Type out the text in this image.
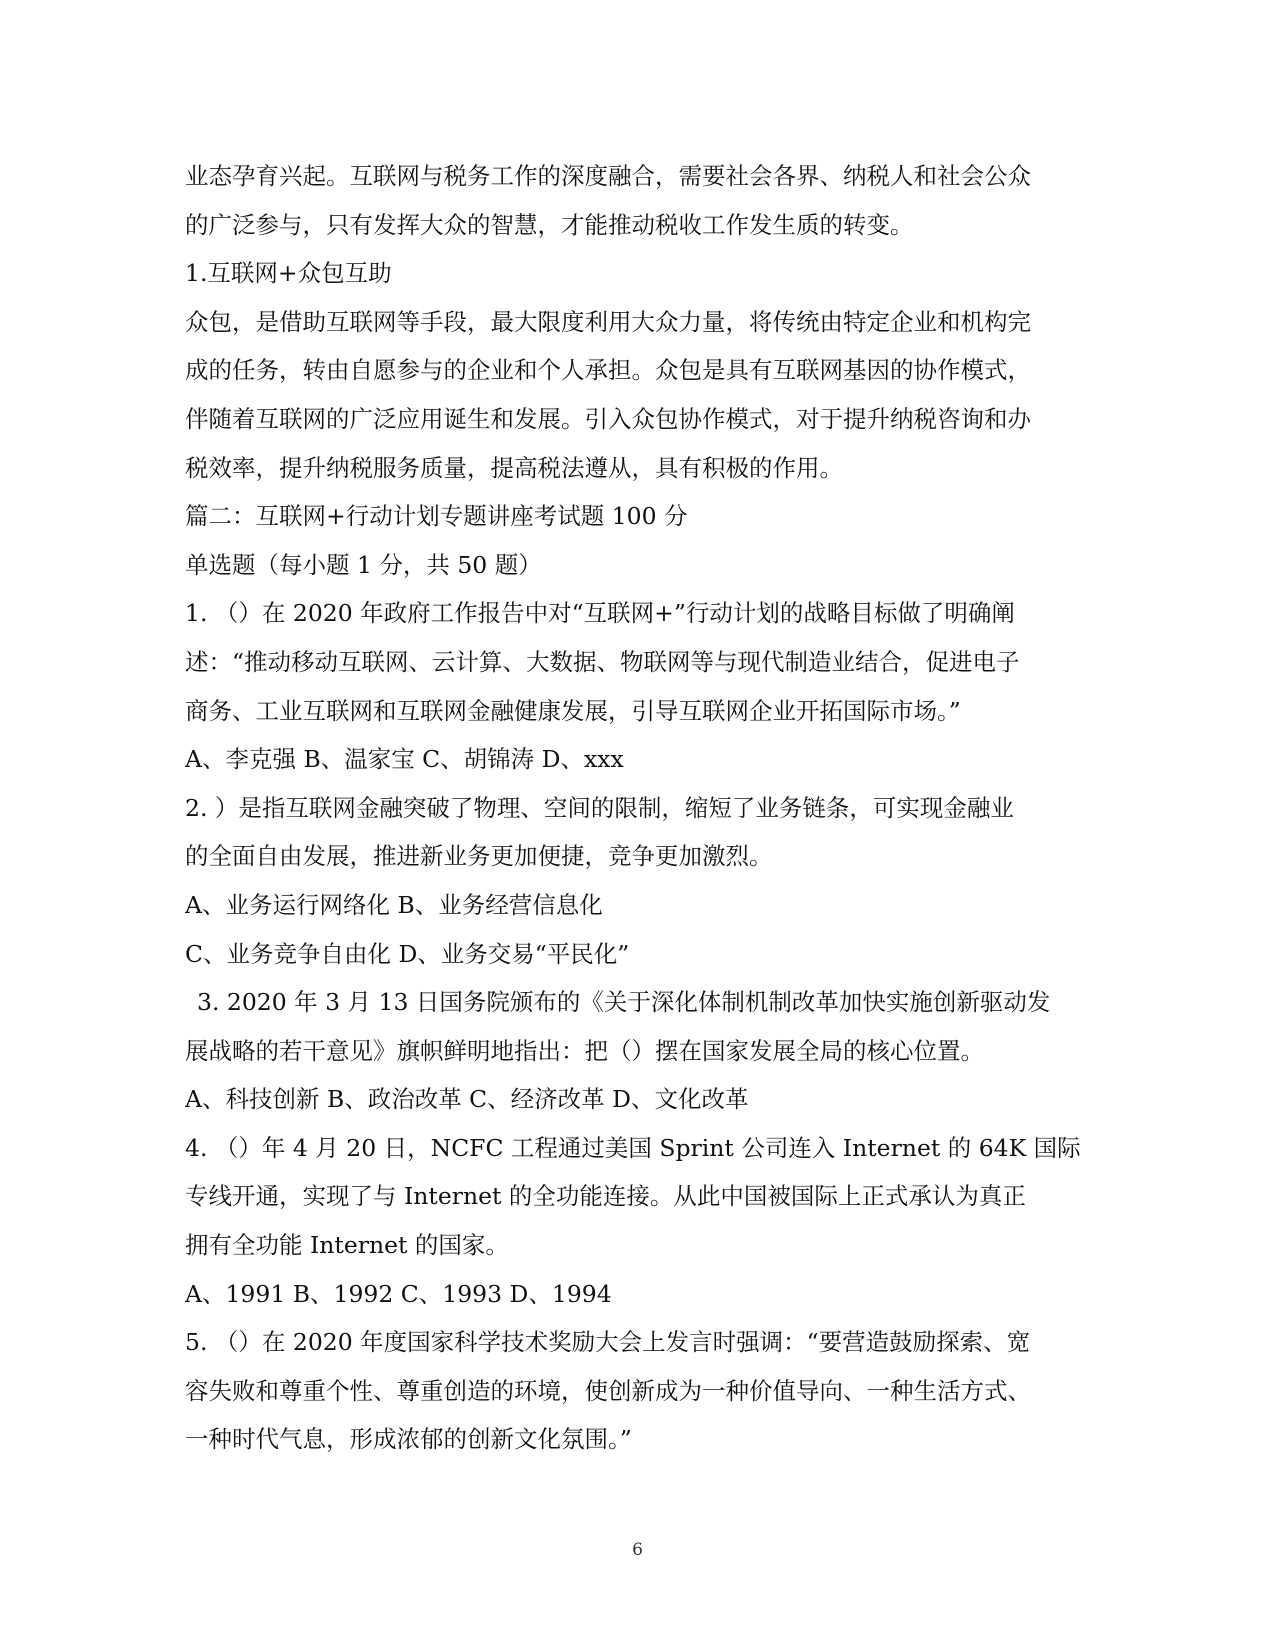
业态孕育兴起。互联网与税务工作的深度融合，需要社会各界、纳税人和社会公众
的广泛参与，只有发挥大众的智慧，才能推动税收工作发生质的转变。
1.互联网+众包互助
众包，是借助互联网等手段，最大限度利用大众力量，将传统由特定企业和机构完
成的任务，转由自愿参与的企业和个人承担。众包是具有互联网基因的协作模式，
伴随着互联网的广泛应用诞生和发展。引入众包协作模式，对于提升纳税咨询和办
税效率，提升纳税服务质量，提高税法遵从，具有积极的作用。
篇二：互联网+行动计划专题讲座考试题 100 分
单选题（每小题 1 分，共 50 题）
1. （）在 2020 年政府工作报告中对“互联网+”行动计划的战略目标做了明确阐
述：“推动移动互联网、云计算、大数据、物联网等与现代制造业结合，促进电子
商务、工业互联网和互联网金融健康发展，引导互联网企业开拓国际市场。”
A、李克强 B、温家宝 C、胡锦涛 D、xxx
2. ）是指互联网金融突破了物理、空间的限制，缩短了业务链条，可实现金融业
的全面自由发展，推进新业务更加便捷，竞争更加激烈。
A、业务运行网络化 B、业务经营信息化
C、业务竞争自由化 D、业务交易“平民化”
3. 2020 年 3 月 13 日国务院颁布的《关于深化体制机制改革加快实施创新驱动发
展战略的若干意见》旗帜鲜明地指出：把（）摆在国家发展全局的核心位置。
A、科技创新 B、政治改革 C、经济改革 D、文化改革
4. （）年 4 月 20 日，NCFC 工程通过美国 Sprint 公司连入 Internet 的 64K 国际
专线开通，实现了与 Internet 的全功能连接。从此中国被国际上正式承认为真正
拥有全功能 Internet 的国家。
A、1991 B、1992 C、1993 D、1994
5. （）在 2020 年度国家科学技术奖励大会上发言时强调：“要营造鼓励探索、宽
容失败和尊重个性、尊重创造的环境，使创新成为一种价值导向、一种生活方式、
一种时代气息，形成浓郁的创新文化氛围。”
6
